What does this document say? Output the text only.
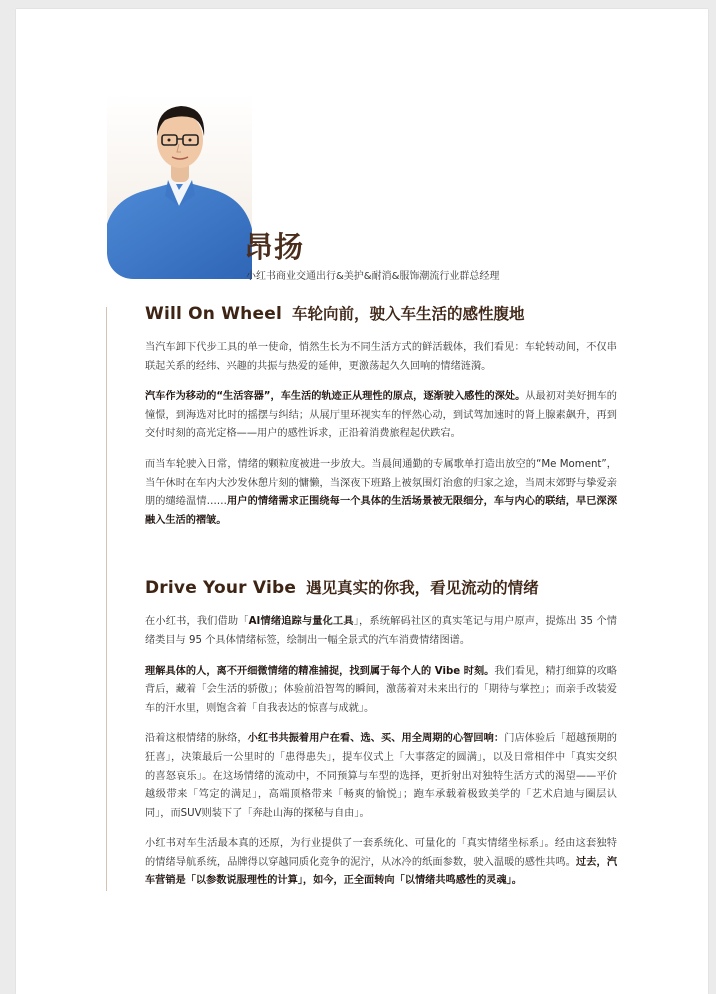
昂扬
小红书商业交通出行&美护&耐消&服饰潮流行业群总经理
Will On Wheel 车轮向前，驶入车生活的感性腹地

当汽车卸下代步工具的单一使命，悄然生长为不同生活方式的鲜活载体，我们看见：车轮转动间，不仅串联起关系的经纬、兴趣的共振与热爱的延伸，更激荡起久久回响的情绪涟漪。

汽车作为移动的“生活容器”，车生活的轨迹正从理性的原点，逐渐驶入感性的深处。从最初对美好拥车的憧憬，到海选对比时的摇摆与纠结；从展厅里环视实车的怦然心动，到试驾加速时的肾上腺素飙升，再到交付时刻的高光定格——用户的感性诉求，正沿着消费旅程起伏跌宕。

而当车轮驶入日常，情绪的颗粒度被进一步放大。当晨间通勤的专属歌单打造出放空的“Me Moment”，当午休时在车内大沙发休憩片刻的慵懒，当深夜下班路上被氛围灯治愈的归家之途，当周末郊野与挚爱亲朋的缱绻温情……用户的情绪需求正围绕每一个具体的生活场景被无限细分，车与内心的联结，早已深深融入生活的褶皱。

Drive Your Vibe 遇见真实的你我，看见流动的情绪

在小红书，我们借助「AI情绪追踪与量化工具」，系统解码社区的真实笔记与用户原声，提炼出 35 个情绪类目与 95 个具体情绪标签，绘制出一幅全景式的汽车消费情绪图谱。

理解具体的人，离不开细微情绪的精准捕捉，找到属于每个人的 Vibe 时刻。我们看见，精打细算的攻略背后，藏着「会生活的骄傲」；体验前沿智驾的瞬间，激荡着对未来出行的「期待与掌控」；而亲手改装爱车的汗水里，则饱含着「自我表达的惊喜与成就」。

沿着这根情绪的脉络，小红书共振着用户在看、选、买、用全周期的心智回响：门店体验后「超越预期的狂喜」，决策最后一公里时的「患得患失」，提车仪式上「大事落定的圆满」，以及日常相伴中「真实交织的喜怒哀乐」。在这场情绪的流动中，不同预算与车型的选择，更折射出对独特生活方式的渴望——平价越级带来「笃定的满足」，高端顶格带来「畅爽的愉悦」；跑车承载着极致美学的「艺术启迪与圈层认同」，而SUV则装下了「奔赴山海的探秘与自由」。

小红书对车生活最本真的还原，为行业提供了一套系统化、可量化的「真实情绪坐标系」。经由这套独特的情绪导航系统，品牌得以穿越同质化竞争的泥泞，从冰冷的纸面参数，驶入温暖的感性共鸣。过去，汽车营销是「以参数说服理性的计算」，如今，正全面转向「以情绪共鸣感性的灵魂」。
